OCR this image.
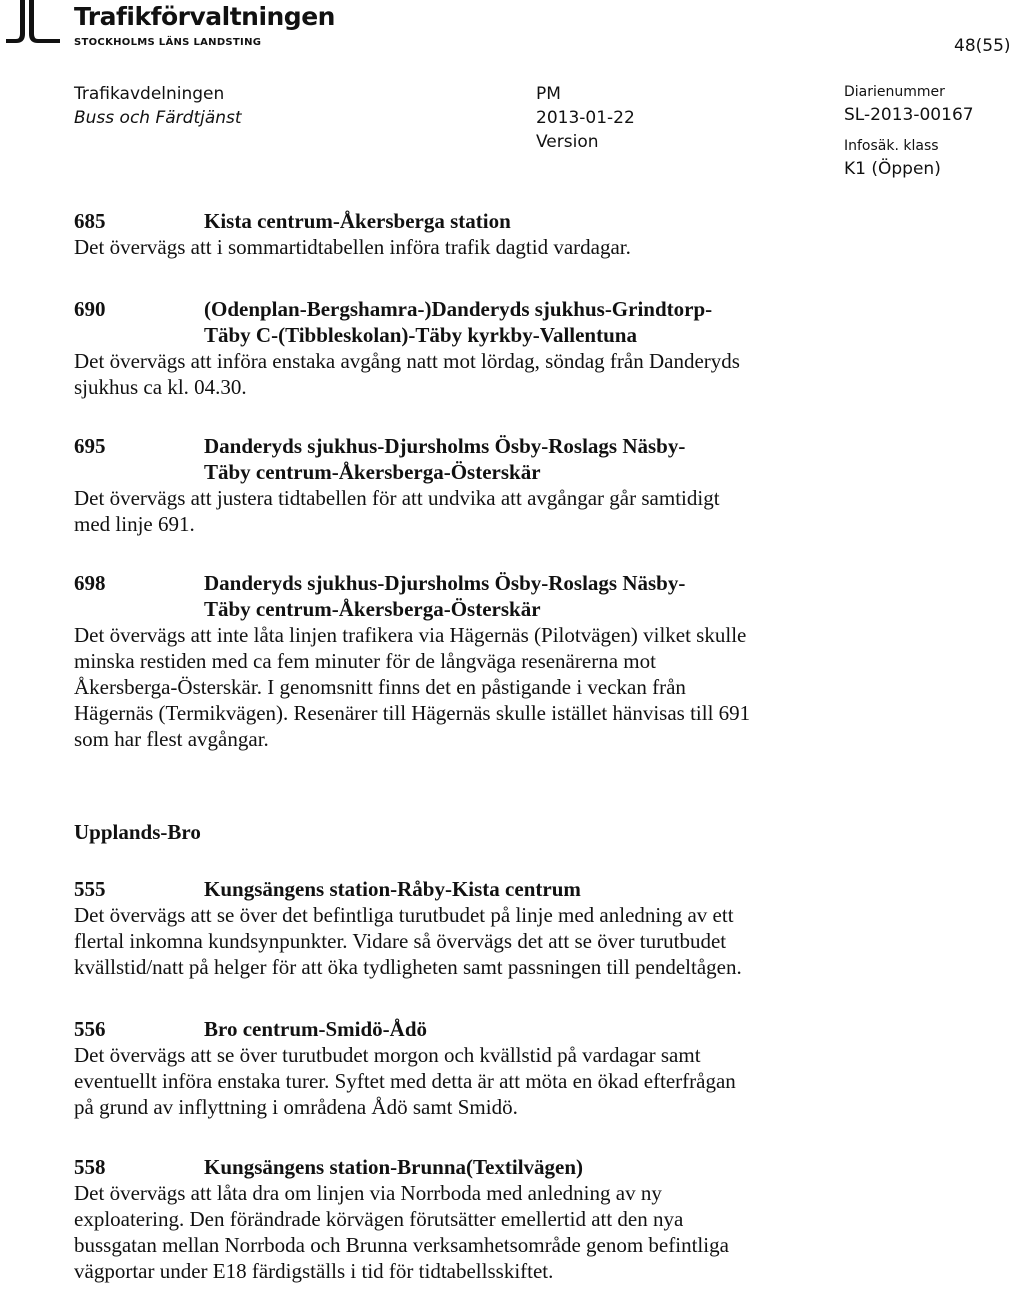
Trafikförvaltningen
STOCKHOLMS LÄNS LANDSTING	48(55)
Trafikavdelningen
Buss och Färdtjänst
PM
2013-01-22
Version
Diarienummer
SL-2013-00167
Infosäk. klass
K1 (Öppen)
685	Kista centrum-Åkersberga station

Det övervägs att i sommartidtabellen införa trafik dagtid vardagar.

690	(Odenplan-Bergshamra-)Danderyds sjukhus-Grindtorp-
Täby C-(Tibbleskolan)-Täby kyrkby-Vallentuna

Det övervägs att införa enstaka avgång natt mot lördag, söndag från Danderyds

sjukhus ca kl. 04.30.

695	Danderyds sjukhus-Djursholms Ösby-Roslags Näsby-
Täby centrum-Åkersberga-Österskär

Det övervägs att justera tidtabellen för att undvika att avgångar går samtidigt

med linje 691.

698	Danderyds sjukhus-Djursholms Ösby-Roslags Näsby-
Täby centrum-Åkersberga-Österskär

Det övervägs att inte låta linjen trafikera via Hägernäs (Pilotvägen) vilket skulle

minska restiden med ca fem minuter för de långväga resenärerna mot

Åkersberga-Österskär. I genomsnitt finns det en påstigande i veckan från

Hägernäs (Termikvägen). Resenärer till Hägernäs skulle istället hänvisas till 691

som har flest avgångar.

Upplands-Bro
555	Kungsängens station-Råby-Kista centrum

Det övervägs att se över det befintliga turutbudet på linje med anledning av ett

flertal inkomna kundsynpunkter. Vidare så övervägs det att se över turutbudet

kvällstid/natt på helger för att öka tydligheten samt passningen till pendeltågen.

556	Bro centrum-Smidö-Ådö

Det övervägs att se över turutbudet morgon och kvällstid på vardagar samt

eventuellt införa enstaka turer. Syftet med detta är att möta en ökad efterfrågan

på grund av inflyttning i områdena Ådö samt Smidö.

558	Kungsängens station-Brunna(Textilvägen)

Det övervägs att låta dra om linjen via Norrboda med anledning av ny

exploatering. Den förändrade körvägen förutsätter emellertid att den nya

bussgatan mellan Norrboda och Brunna verksamhetsområde genom befintliga

vägportar under E18 färdigställs i tid för tidtabellsskiftet.
